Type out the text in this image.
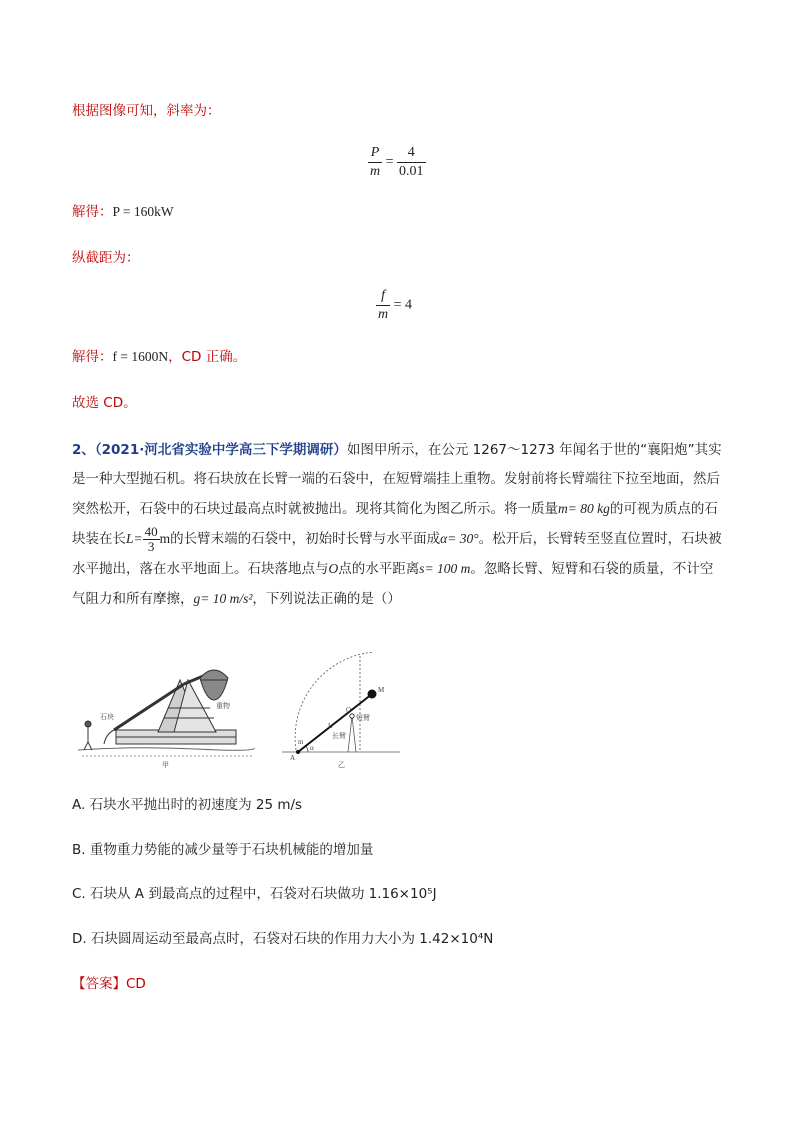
根据图像可知，斜率为：
$\frac{P}{m} = \frac{4}{0.01}$
解得：P = 160kW
纵截距为：
$\frac{f}{m} = 4$
解得：f = 1600N，CD 正确。
故选 CD。
2、（2021·河北省实验中学高三下学期调研）如图甲所示，在公元 1267～1273 年闻名于世的“襄阳炮”其实是一种大型抛石机。将石块放在长臂一端的石袋中，在短臂端挂上重物。发射前将长臂端往下拉至地面，然后突然松开，石袋中的石块过最高点时就被抛出。现将其简化为图乙所示。将一质量m= 80 kg的可视为质点的石块装在长$L= \frac{40}{3}$ m的长臂末端的石袋中，初始时长臂与水平面成α= 30°。松开后，长臂转至竖直位置时，石块被水平抛出，落在水平地面上。石块落地点与O点的水平距离s= 100 m。忽略长臂、短臂和石袋的质量，不计空气阻力和所有摩擦，g= 10 m/s²，下列说法正确的是（）
石块
重物
甲
M
O
短臂
L
长臂
m
α
A
乙
A. 石块水平抛出时的初速度为 25 m/s
B. 重物重力势能的减少量等于石块机械能的增加量
C. 石块从 A 到最高点的过程中，石袋对石块做功 1.16×10⁵J
D. 石块圆周运动至最高点时，石袋对石块的作用力大小为 1.42×10⁴N
【答案】CD
